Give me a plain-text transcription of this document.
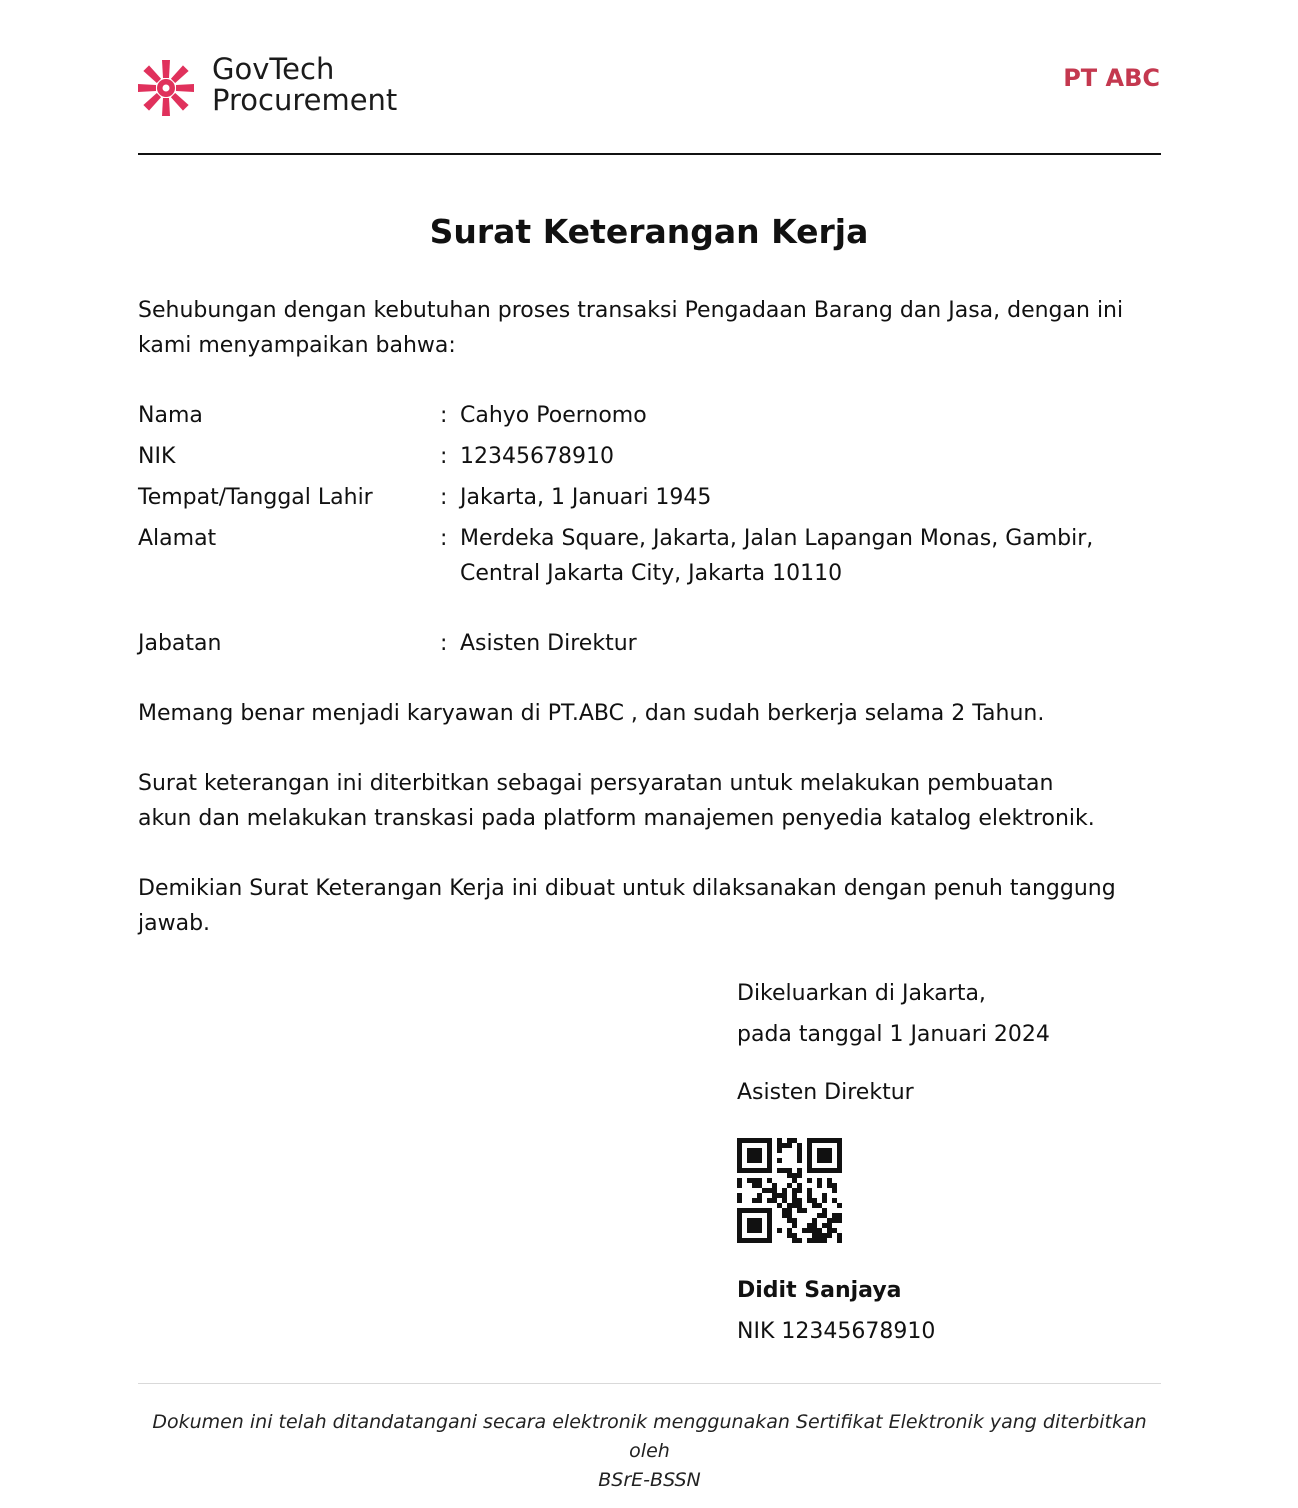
GovTech
Procurement
PT ABC
Surat Keterangan Kerja
Sehubungan dengan kebutuhan proses transaksi Pengadaan Barang dan Jasa, dengan ini
kami menyampaikan bahwa:
Nama	: Cahyo Poernomo
NIK	: 12345678910
Tempat/Tanggal Lahir	: Jakarta, 1 Januari 1945
Alamat	: Merdeka Square, Jakarta, Jalan Lapangan Monas, Gambir,
Central Jakarta City, Jakarta 10110
Jabatan	: Asisten Direktur
Memang benar menjadi karyawan di PT.ABC , dan sudah berkerja selama 2 Tahun.
Surat keterangan ini diterbitkan sebagai persyaratan untuk melakukan pembuatan
akun dan melakukan transkasi pada platform manajemen penyedia katalog elektronik.
Demikian Surat Keterangan Kerja ini dibuat untuk dilaksanakan dengan penuh tanggung
jawab.
Dikeluarkan di Jakarta,
pada tanggal 1 Januari 2024
Asisten Direktur
Didit Sanjaya
NIK 12345678910
Dokumen ini telah ditandatangani secara elektronik menggunakan Sertifikat Elektronik yang diterbitkan oleh
BSrE-BSSN
